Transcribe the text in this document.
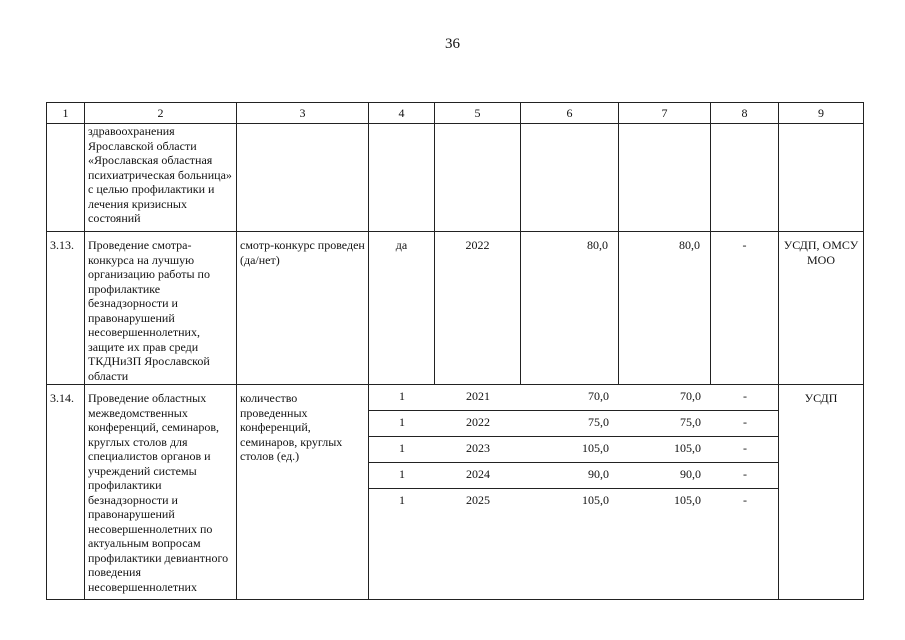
36
1	2	3	4	5	6	7	8	9
	здравоохранения Ярославской области «Ярославская областная психиатрическая больница» с целью профилактики и лечения кризисных состояний							
3.13.	Проведение смотра-конкурса на лучшую организацию работы по профилактике безнадзорности и правонарушений несовершеннолетних, защите их прав среди ТКДНиЗП Ярославской области	смотр-конкурс проведен (да/нет)	да	2022	80,0	80,0	-	УСДП, ОМСУ МОО
3.14.	Проведение областных межведомственных конференций, семинаров, круглых столов для специалистов органов и учреждений системы профилактики безнадзорности и правонарушений несовершеннолетних по актуальным вопросам профилактики девиантного поведения несовершеннолетних	количество проведенных конференций, семинаров, круглых столов (ед.)	
1	2021	70,0	70,0	-
1	2022	75,0	75,0	-
1	2023	105,0	105,0	-
1	2024	90,0	90,0	-
1	2025	105,0	105,0	-
	УСДП
